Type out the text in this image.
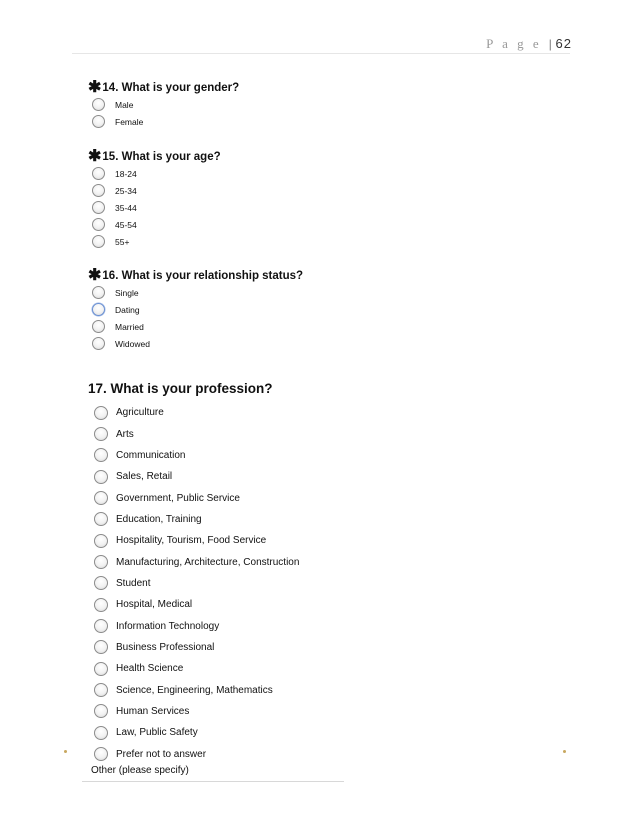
P a g e | 62
✱ 14. What is your gender?
Male
Female
✱ 15. What is your age?
18-24
25-34
35-44
45-54
55+
✱ 16. What is your relationship status?
Single
Dating
Married
Widowed
17. What is your profession?
Agriculture
Arts
Communication
Sales, Retail
Government, Public Service
Education, Training
Hospitality, Tourism, Food Service
Manufacturing, Architecture, Construction
Student
Hospital, Medical
Information Technology
Business Professional
Health Science
Science, Engineering, Mathematics
Human Services
Law, Public Safety
Prefer not to answer
Other (please specify)
